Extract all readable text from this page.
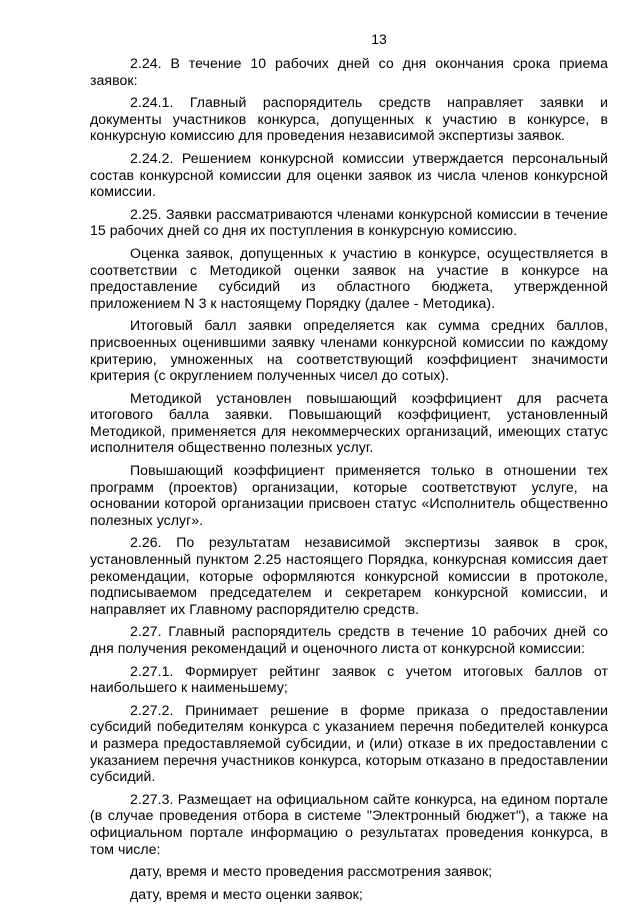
13

2.24. В течение 10 рабочих дней со дня окончания срока приема заявок:

2.24.1. Главный распорядитель средств направляет заявки и документы участников конкурса, допущенных к участию в конкурсе, в конкурсную комиссию для проведения независимой экспертизы заявок.

2.24.2. Решением конкурсной комиссии утверждается персональный состав конкурсной комиссии для оценки заявок из числа членов конкурсной комиссии.

2.25. Заявки рассматриваются членами конкурсной комиссии в течение 15 рабочих дней со дня их поступления в конкурсную комиссию.

Оценка заявок, допущенных к участию в конкурсе, осуществляется в соответствии с Методикой оценки заявок на участие в конкурсе на предоставление субсидий из областного бюджета, утвержденной приложением N 3 к настоящему Порядку (далее - Методика).

Итоговый балл заявки определяется как сумма средних баллов, присвоенных оценившими заявку членами конкурсной комиссии по каждому критерию, умноженных на соответствующий коэффициент значимости критерия (с округлением полученных чисел до сотых).

Методикой установлен повышающий коэффициент для расчета итогового балла заявки. Повышающий коэффициент, установленный Методикой, применяется для некоммерческих организаций, имеющих статус исполнителя общественно полезных услуг.

Повышающий коэффициент применяется только в отношении тех программ (проектов) организации, которые соответствуют услуге, на основании которой организации присвоен статус «Исполнитель общественно полезных услуг».

2.26. По результатам независимой экспертизы заявок в срок, установленный пунктом 2.25 настоящего Порядка, конкурсная комиссия дает рекомендации, которые оформляются конкурсной комиссии в протоколе, подписываемом председателем и секретарем конкурсной комиссии, и направляет их Главному распорядителю средств.

2.27. Главный распорядитель средств в течение 10 рабочих дней со дня получения рекомендаций и оценочного листа от конкурсной комиссии:

2.27.1. Формирует рейтинг заявок с учетом итоговых баллов от наибольшего к наименьшему;

2.27.2. Принимает решение в форме приказа о предоставлении субсидий победителям конкурса с указанием перечня победителей конкурса и размера предоставляемой субсидии, и (или) отказе в их предоставлении с указанием перечня участников конкурса, которым отказано в предоставлении субсидий.

2.27.3. Размещает на официальном сайте конкурса, на едином портале (в случае проведения отбора в системе "Электронный бюджет"), а также на официальном портале информацию о результатах проведения конкурса, в том числе:

дату, время и место проведения рассмотрения заявок;

дату, время и место оценки заявок;
